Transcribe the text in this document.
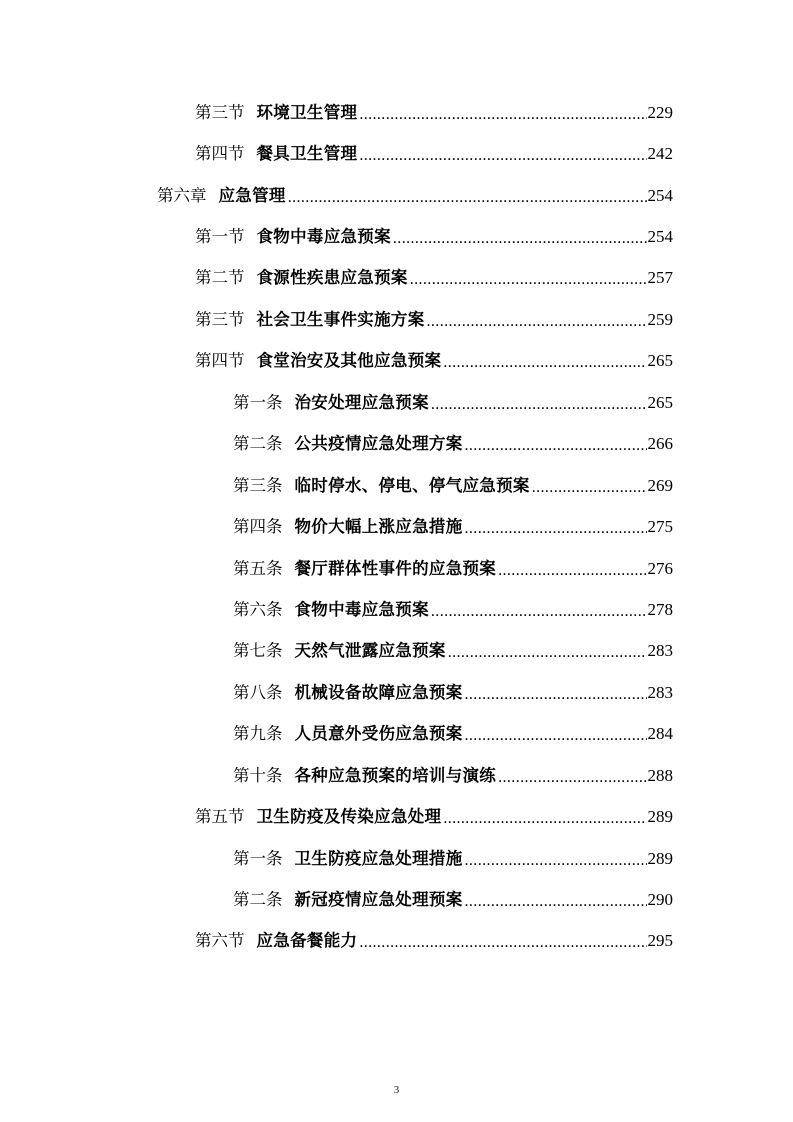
第三节 环境卫生管理 .....	229
第四节 餐具卫生管理 .....	242
第六章 应急管理 .....	254
第一节 食物中毒应急预案 .....	254
第二节 食源性疾患应急预案 .....	257
第三节 社会卫生事件实施方案 .....	259
第四节 食堂治安及其他应急预案 .....	265
第一条 治安处理应急预案 .....	265
第二条 公共疫情应急处理方案 .....	266
第三条 临时停水、停电、停气应急预案 .....	269
第四条 物价大幅上涨应急措施 .....	275
第五条 餐厅群体性事件的应急预案 .....	276
第六条 食物中毒应急预案 .....	278
第七条 天然气泄露应急预案 .....	283
第八条 机械设备故障应急预案 .....	283
第九条 人员意外受伤应急预案 .....	284
第十条 各种应急预案的培训与演练 .....	288
第五节 卫生防疫及传染应急处理 .....	289
第一条 卫生防疫应急处理措施 .....	289
第二条 新冠疫情应急处理预案 .....	290
第六节 应急备餐能力 .....	295
3
